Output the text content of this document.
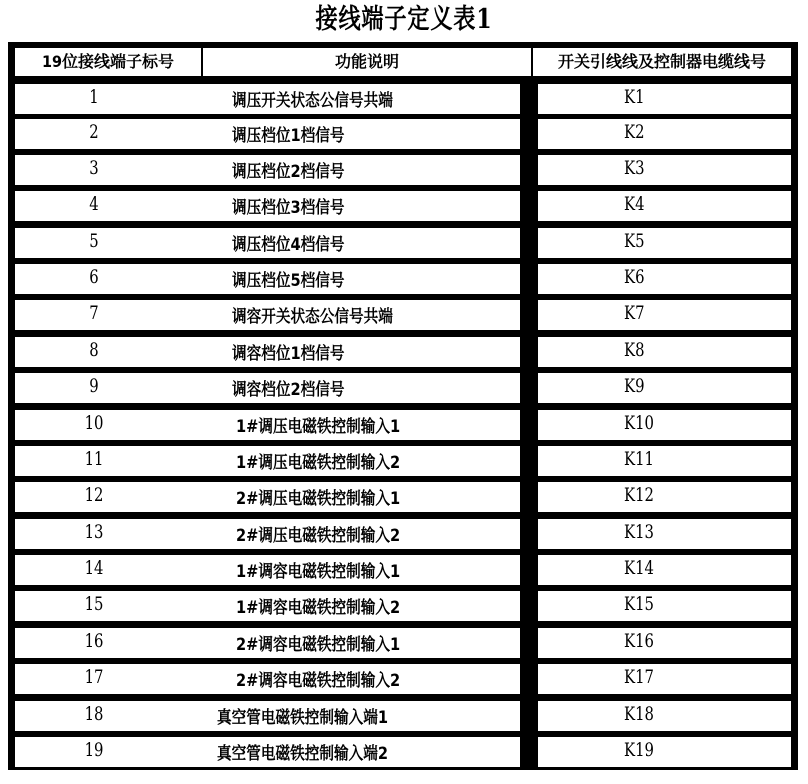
接线端子定义表1
19位接线端子标号	功能说明	开关引线线及控制器电缆线号
1	调压开关状态公信号共端	K1
2	调压档位1档信号	K2
3	调压档位2档信号	K3
4	调压档位3档信号	K4
5	调压档位4档信号	K5
6	调压档位5档信号	K6
7	调容开关状态公信号共端	K7
8	调容档位1档信号	K8
9	调容档位2档信号	K9
10	1#调压电磁铁控制输入1	K10
11	1#调压电磁铁控制输入2	K11
12	2#调压电磁铁控制输入1	K12
13	2#调压电磁铁控制输入2	K13
14	1#调容电磁铁控制输入1	K14
15	1#调容电磁铁控制输入2	K15
16	2#调容电磁铁控制输入1	K16
17	2#调容电磁铁控制输入2	K17
18	真空管电磁铁控制输入端1	K18
19	真空管电磁铁控制输入端2	K19
